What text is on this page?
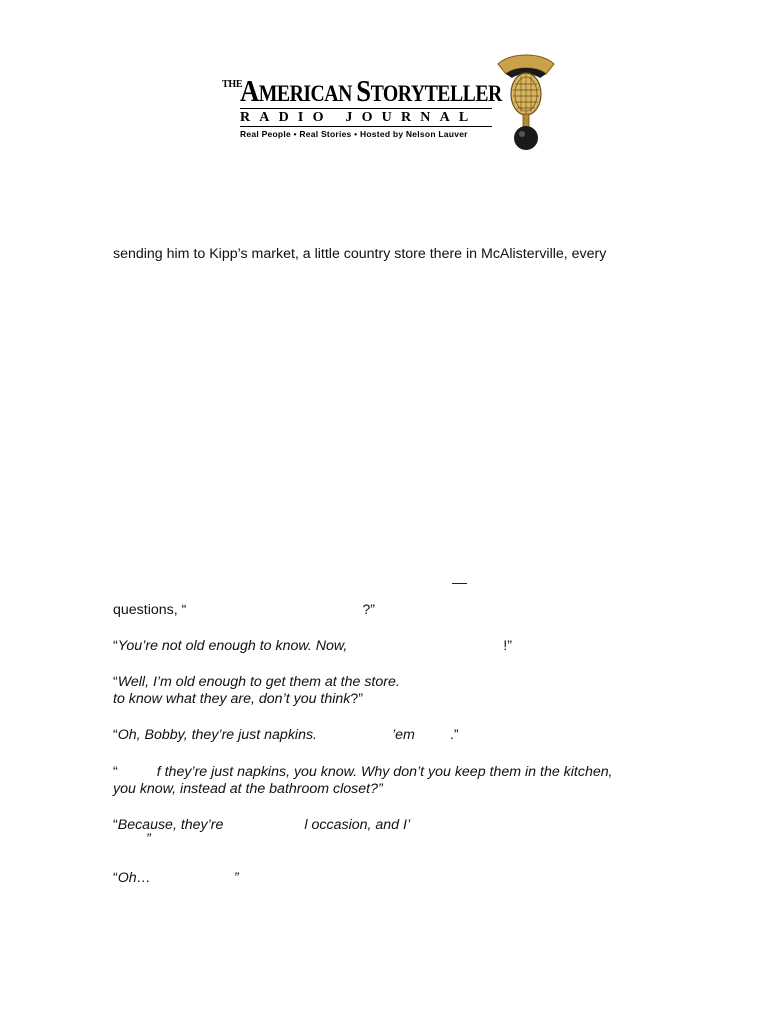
THE
AMERICAN STORYTELLER
RADIO JOURNAL
Real People • Real Stories • Hosted by Nelson Lauver
sending him to Kipp’s market, a little country store there in McAlisterville, every
questions, “	?”
“You’re not old enough to know. Now,	!”
“Well, I’m old enough to get them at the store.
to know what they are, don’t you think?”
“Oh, Bobby, they’re just napkins.	’em .”
“	f they’re just napkins, you know. Why don’t you keep them in the kitchen,
you know, instead at the bathroom closet?”
“Because, they’re	l occasion, and I’
”
“Oh…	”
